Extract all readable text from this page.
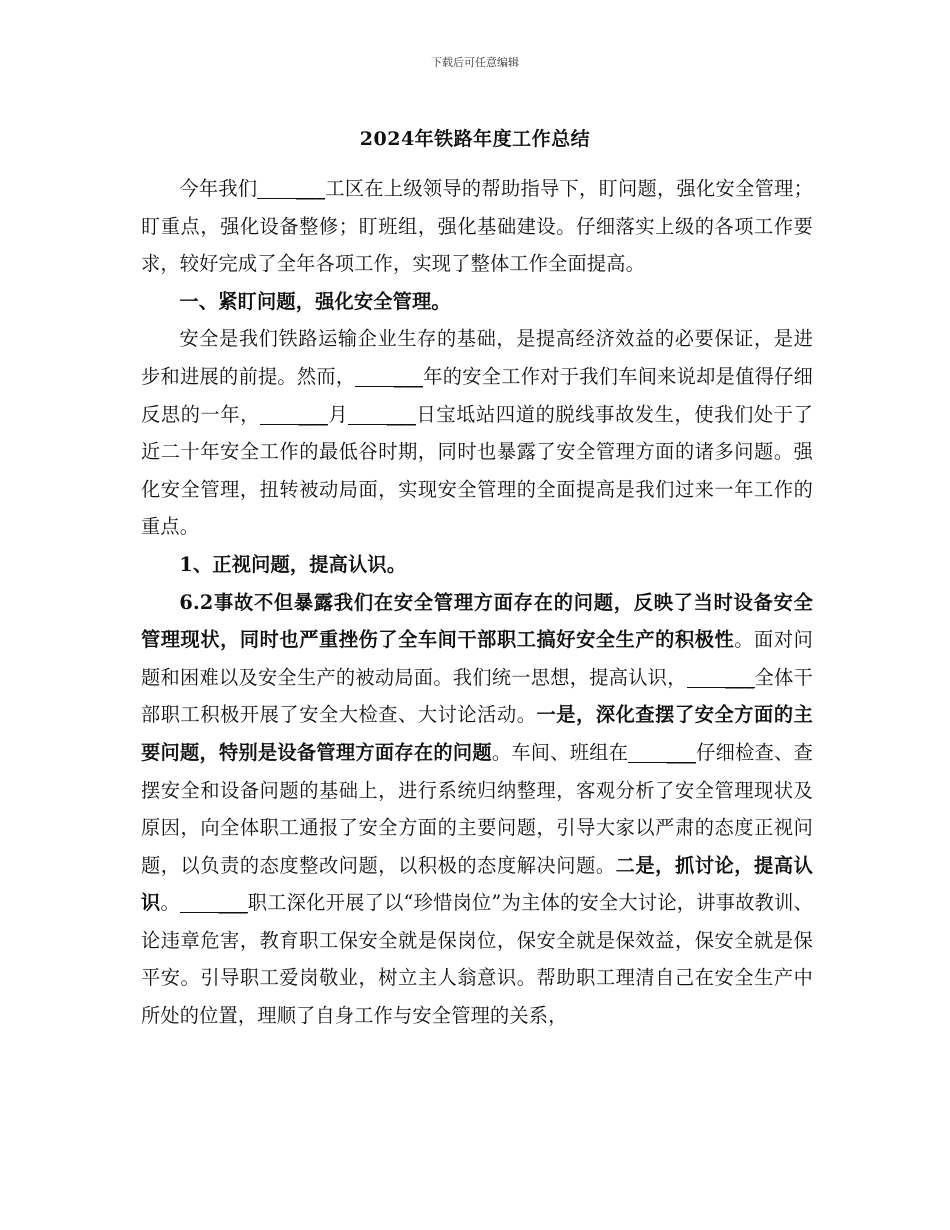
下载后可任意编辑
2024年铁路年度工作总结

今年我们 ___工区在上级领导的帮助指导下，盯问题，强化安全管理；盯重点，强化设备整修；盯班组，强化基础建设。仔细落实上级的各项工作要求，较好完成了全年各项工作，实现了整体工作全面提高。

一、紧盯问题，强化安全管理。

安全是我们铁路运输企业生存的基础，是提高经济效益的必要保证，是进步和进展的前提。然而， ___年的安全工作对于我们车间来说却是值得仔细反思的一年， ___月 ___日宝坻站四道的脱线事故发生，使我们处于了近二十年安全工作的最低谷时期，同时也暴露了安全管理方面的诸多问题。强化安全管理，扭转被动局面，实现安全管理的全面提高是我们过来一年工作的重点。

1、正视问题，提高认识。

6.2事故不但暴露我们在安全管理方面存在的问题，反映了当时设备安全管理现状，同时也严重挫伤了全车间干部职工搞好安全生产的积极性。面对问题和困难以及安全生产的被动局面。我们统一思想，提高认识， ___全体干部职工积极开展了安全大检查、大讨论活动。一是，深化查摆了安全方面的主要问题，特别是设备管理方面存在的问题。车间、班组在 ___仔细检查、查摆安全和设备问题的基础上，进行系统归纳整理，客观分析了安全管理现状及原因，向全体职工通报了安全方面的主要问题，引导大家以严肃的态度正视问题，以负责的态度整改问题，以积极的态度解决问题。二是，抓讨论，提高认识。 ___职工深化开展了以“珍惜岗位”为主体的安全大讨论，讲事故教训、论违章危害，教育职工保安全就是保岗位，保安全就是保效益，保安全就是保平安。引导职工爱岗敬业，树立主人翁意识。帮助职工理清自己在安全生产中所处的位置，理顺了自身工作与安全管理的关系，
